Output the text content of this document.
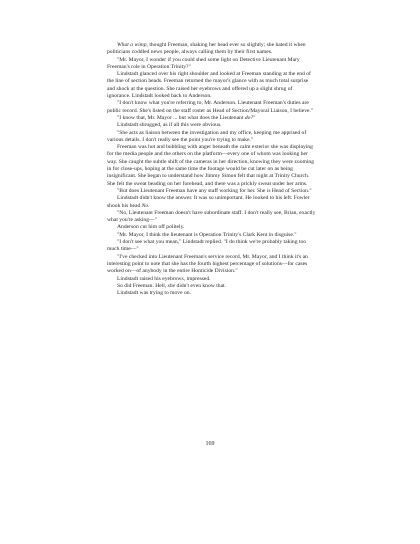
What a wimp, thought Freeman, shaking her head ever so slightly; she hated it when politicians coddled news people, always calling them by their first names.

"Mr. Mayor, I wonder if you could shed some light on Detective Lieutenant Mary Freeman's role in Operation Trinity?"

Lindstadt glanced over his right shoulder and looked at Freeman standing at the end of the line of section heads. Freeman returned the mayor's glance with as much total surprise and shock at the question. She raised her eyebrows and offered up a slight shrug of ignorance. Lindstadt looked back to Anderson.

"I don't know what you're referring to, Mr. Anderson. Lieutenant Freeman's duties are public record. She's listed on the staff roster as Head of Section/Mayoral Liaison, I believe."

"I know that, Mr. Mayor ... but what does the Lieutenant do?"

Lindstadt shrugged, as if all this were obvious.

"She acts as liaison between the investigation and my office, keeping me apprised of various details. I don't really see the point you're trying to make."

Freeman was hot and bubbling with anger beneath the calm exterior she was displaying for the media people and the others on the platform—every one of whom was looking her way. She caught the subtle shift of the cameras in her direction, knowing they were zooming in for close-ups, hoping at the same time the footage would be cut later on as being insignificant. She began to understand how Jimmy Simon felt that night at Trinity Church. She felt the sweat beading on her forehead, and there was a prickly sweat under her arms.

"But does Lieutenant Freeman have any staff working for her. She is Head of Section."

Lindstadt didn't know the answer. It was so unimportant. He looked to his left. Fowler shook his head No.

"No, Lieutenant Freeman doesn't have subordinate staff. I don't really see, Brian, exactly what you're asking—"

Anderson cut him off politely.

"Mr. Mayor, I think the lieutenant is Operation Trinity's Clark Kent in disguise."

"I don't see what you mean," Lindstadt replied. "I do think we're probably taking too much time—"

"I've checked into Lieutenant Freeman's service record, Mr. Mayor, and I think it's an interesting point to note that she has the fourth highest percentage of solutions—for cases worked on—of anybody in the entire Homicide Division."

Lindstadt raised his eyebrows, impressed.

So did Freeman. Hell, she didn't even know that.

Lindstadt was trying to move on.

169
